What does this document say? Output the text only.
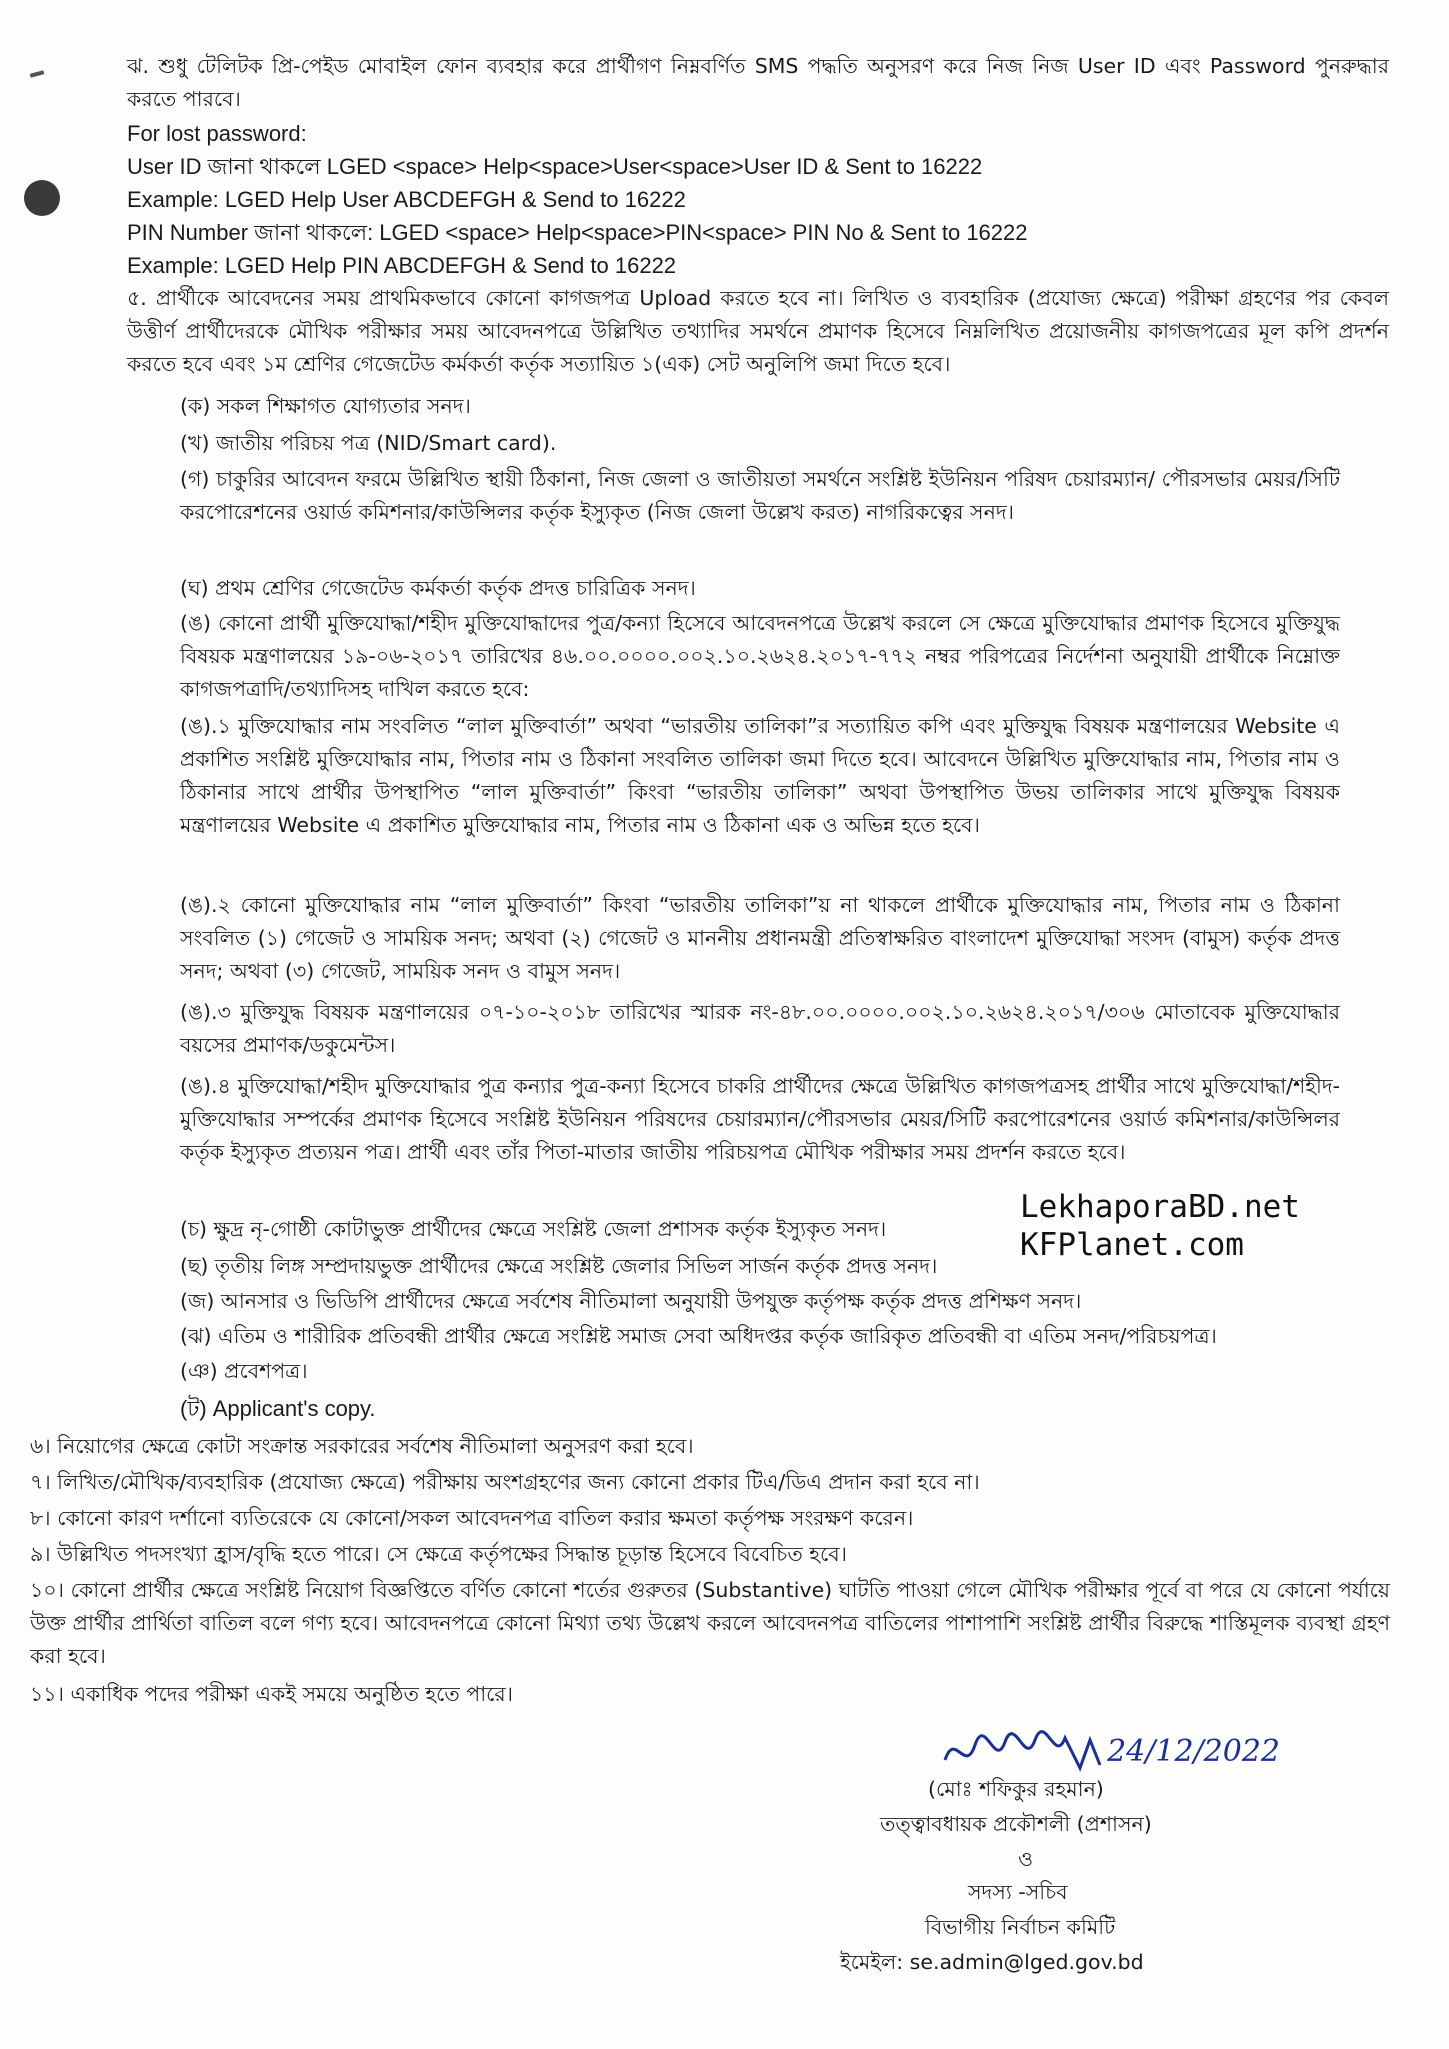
ঝ. শুধু টেলিটক প্রি-পেইড মোবাইল ফোন ব্যবহার করে প্রার্থীগণ নিম্নবর্ণিত SMS পদ্ধতি অনুসরণ করে নিজ নিজ User ID এবং Password পুনরুদ্ধার করতে পারবে।
For lost password:
User ID জানা থাকলে LGED <space> Help<space>User<space>User ID & Sent to 16222
Example: LGED Help User ABCDEFGH & Send to 16222
PIN Number জানা থাকলে: LGED <space> Help<space>PIN<space> PIN No & Sent to 16222
Example: LGED Help PIN ABCDEFGH & Send to 16222
৫. প্রার্থীকে আবেদনের সময় প্রাথমিকভাবে কোনো কাগজপত্র Upload করতে হবে না। লিখিত ও ব্যবহারিক (প্রযোজ্য ক্ষেত্রে) পরীক্ষা গ্রহণের পর কেবল উত্তীর্ণ প্রার্থীদেরকে মৌখিক পরীক্ষার সময় আবেদনপত্রে উল্লিখিত তথ্যাদির সমর্থনে প্রমাণক হিসেবে নিম্নলিখিত প্রয়োজনীয় কাগজপত্রের মূল কপি প্রদর্শন করতে হবে এবং ১ম শ্রেণির গেজেটেড কর্মকর্তা কর্তৃক সত্যায়িত ১(এক) সেট অনুলিপি জমা দিতে হবে।
(ক) সকল শিক্ষাগত যোগ্যতার সনদ।
(খ) জাতীয় পরিচয় পত্র (NID/Smart card).
(গ) চাকুরির আবেদন ফরমে উল্লিখিত স্থায়ী ঠিকানা, নিজ জেলা ও জাতীয়তা সমর্থনে সংশ্লিষ্ট ইউনিয়ন পরিষদ চেয়ারম্যান/ পৌরসভার মেয়র/সিটি করপোরেশনের ওয়ার্ড কমিশনার/কাউন্সিলর কর্তৃক ইস্যুকৃত (নিজ জেলা উল্লেখ করত) নাগরিকত্বের সনদ।
(ঘ) প্রথম শ্রেণির গেজেটেড কর্মকর্তা কর্তৃক প্রদত্ত চারিত্রিক সনদ।
(ঙ) কোনো প্রার্থী মুক্তিযোদ্ধা/শহীদ মুক্তিযোদ্ধাদের পুত্র/কন্যা হিসেবে আবেদনপত্রে উল্লেখ করলে সে ক্ষেত্রে মুক্তিযোদ্ধার প্রমাণক হিসেবে মুক্তিযুদ্ধ বিষয়ক মন্ত্রণালয়ের ১৯-০৬-২০১৭ তারিখের ৪৬.০০.০০০০.০০২.১০.২৬২৪.২০১৭-৭৭২ নম্বর পরিপত্রের নির্দেশনা অনুযায়ী প্রার্থীকে নিম্নোক্ত কাগজপত্রাদি/তথ্যাদিসহ দাখিল করতে হবে:
(ঙ).১ মুক্তিযোদ্ধার নাম সংবলিত “লাল মুক্তিবার্তা” অথবা “ভারতীয় তালিকা”র সত্যায়িত কপি এবং মুক্তিযুদ্ধ বিষয়ক মন্ত্রণালয়ের Website এ প্রকাশিত সংশ্লিষ্ট মুক্তিযোদ্ধার নাম, পিতার নাম ও ঠিকানা সংবলিত তালিকা জমা দিতে হবে। আবেদনে উল্লিখিত মুক্তিযোদ্ধার নাম, পিতার নাম ও ঠিকানার সাথে প্রার্থীর উপস্থাপিত “লাল মুক্তিবার্তা” কিংবা “ভারতীয় তালিকা” অথবা উপস্থাপিত উভয় তালিকার সাথে মুক্তিযুদ্ধ বিষয়ক মন্ত্রণালয়ের Website এ প্রকাশিত মুক্তিযোদ্ধার নাম, পিতার নাম ও ঠিকানা এক ও অভিন্ন হতে হবে।
(ঙ).২ কোনো মুক্তিযোদ্ধার নাম “লাল মুক্তিবার্তা” কিংবা “ভারতীয় তালিকা”য় না থাকলে প্রার্থীকে মুক্তিযোদ্ধার নাম, পিতার নাম ও ঠিকানা সংবলিত (১) গেজেট ও সাময়িক সনদ; অথবা (২) গেজেট ও মাননীয় প্রধানমন্ত্রী প্রতিস্বাক্ষরিত বাংলাদেশ মুক্তিযোদ্ধা সংসদ (বামুস) কর্তৃক প্রদত্ত সনদ; অথবা (৩) গেজেট, সাময়িক সনদ ও বামুস সনদ।
(ঙ).৩ মুক্তিযুদ্ধ বিষয়ক মন্ত্রণালয়ের ০৭-১০-২০১৮ তারিখের স্মারক নং-৪৮.০০.০০০০.০০২.১০.২৬২৪.২০১৭/৩০৬ মোতাবেক মুক্তিযোদ্ধার বয়সের প্রমাণক/ডকুমেন্টস।
(ঙ).৪ মুক্তিযোদ্ধা/শহীদ মুক্তিযোদ্ধার পুত্র কন্যার পুত্র-কন্যা হিসেবে চাকরি প্রার্থীদের ক্ষেত্রে উল্লিখিত কাগজপত্রসহ প্রার্থীর সাথে মুক্তিযোদ্ধা/শহীদ-মুক্তিযোদ্ধার সম্পর্কের প্রমাণক হিসেবে সংশ্লিষ্ট ইউনিয়ন পরিষদের চেয়ারম্যান/পৌরসভার মেয়র/সিটি করপোরেশনের ওয়ার্ড কমিশনার/কাউন্সিলর কর্তৃক ইস্যুকৃত প্রত্যয়ন পত্র। প্রার্থী এবং তাঁর পিতা-মাতার জাতীয় পরিচয়পত্র মৌখিক পরীক্ষার সময় প্রদর্শন করতে হবে।
(চ) ক্ষুদ্র নৃ-গোষ্ঠী কোটাভুক্ত প্রার্থীদের ক্ষেত্রে সংশ্লিষ্ট জেলা প্রশাসক কর্তৃক ইস্যুকৃত সনদ।
(ছ) তৃতীয় লিঙ্গ সম্প্রদায়ভুক্ত প্রার্থীদের ক্ষেত্রে সংশ্লিষ্ট জেলার সিভিল সার্জন কর্তৃক প্রদত্ত সনদ।
(জ) আনসার ও ভিডিপি প্রার্থীদের ক্ষেত্রে সর্বশেষ নীতিমালা অনুযায়ী উপযুক্ত কর্তৃপক্ষ কর্তৃক প্রদত্ত প্রশিক্ষণ সনদ।
(ঝ) এতিম ও শারীরিক প্রতিবন্ধী প্রার্থীর ক্ষেত্রে সংশ্লিষ্ট সমাজ সেবা অধিদপ্তর কর্তৃক জারিকৃত প্রতিবন্ধী বা এতিম সনদ/পরিচয়পত্র।
(ঞ) প্রবেশপত্র।
(ট) Applicant's copy.
LekhaporaBD.net
KFPlanet.com
৬। নিয়োগের ক্ষেত্রে কোটা সংক্রান্ত সরকারের সর্বশেষ নীতিমালা অনুসরণ করা হবে।
৭। লিখিত/মৌখিক/ব্যবহারিক (প্রযোজ্য ক্ষেত্রে) পরীক্ষায় অংশগ্রহণের জন্য কোনো প্রকার টিএ/ডিএ প্রদান করা হবে না।
৮। কোনো কারণ দর্শানো ব্যতিরেকে যে কোনো/সকল আবেদনপত্র বাতিল করার ক্ষমতা কর্তৃপক্ষ সংরক্ষণ করেন।
৯। উল্লিখিত পদসংখ্যা হ্রাস/বৃদ্ধি হতে পারে। সে ক্ষেত্রে কর্তৃপক্ষের সিদ্ধান্ত চূড়ান্ত হিসেবে বিবেচিত হবে।
১০। কোনো প্রার্থীর ক্ষেত্রে সংশ্লিষ্ট নিয়োগ বিজ্ঞপ্তিতে বর্ণিত কোনো শর্তের গুরুতর (Substantive) ঘাটতি পাওয়া গেলে মৌখিক পরীক্ষার পূর্বে বা পরে যে কোনো পর্যায়ে উক্ত প্রার্থীর প্রার্থিতা বাতিল বলে গণ্য হবে। আবেদনপত্রে কোনো মিথ্যা তথ্য উল্লেখ করলে আবেদনপত্র বাতিলের পাশাপাশি সংশ্লিষ্ট প্রার্থীর বিরুদ্ধে শাস্তিমূলক ব্যবস্থা গ্রহণ করা হবে।
১১। একাধিক পদের পরীক্ষা একই সময়ে অনুষ্ঠিত হতে পারে।
24/12/2022
(মোঃ শফিকুর রহমান)
তত্ত্বাবধায়ক প্রকৌশলী (প্রশাসন)
ও
সদস্য -সচিব
বিভাগীয় নির্বাচন কমিটি
ইমেইল: se.admin@lged.gov.bd
